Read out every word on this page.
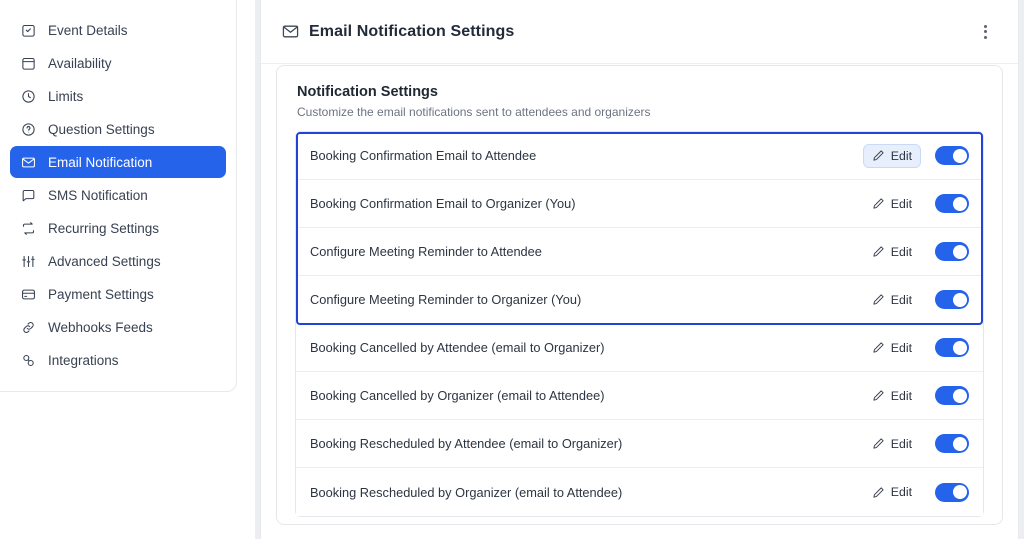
Event Details
Availability
Limits
Question Settings
Email Notification
SMS Notification
Recurring Settings
Advanced Settings
Payment Settings
Webhooks Feeds
Integrations
Email Notification Settings
Notification Settings
Customize the email notifications sent to attendees and organizers
Booking Confirmation Email to Attendee	Edit
Booking Confirmation Email to Organizer (You)	Edit
Configure Meeting Reminder to Attendee	Edit
Configure Meeting Reminder to Organizer (You)	Edit
Booking Cancelled by Attendee (email to Organizer)	Edit
Booking Cancelled by Organizer (email to Attendee)	Edit
Booking Rescheduled by Attendee (email to Organizer)	Edit
Booking Rescheduled by Organizer (email to Attendee)	Edit
